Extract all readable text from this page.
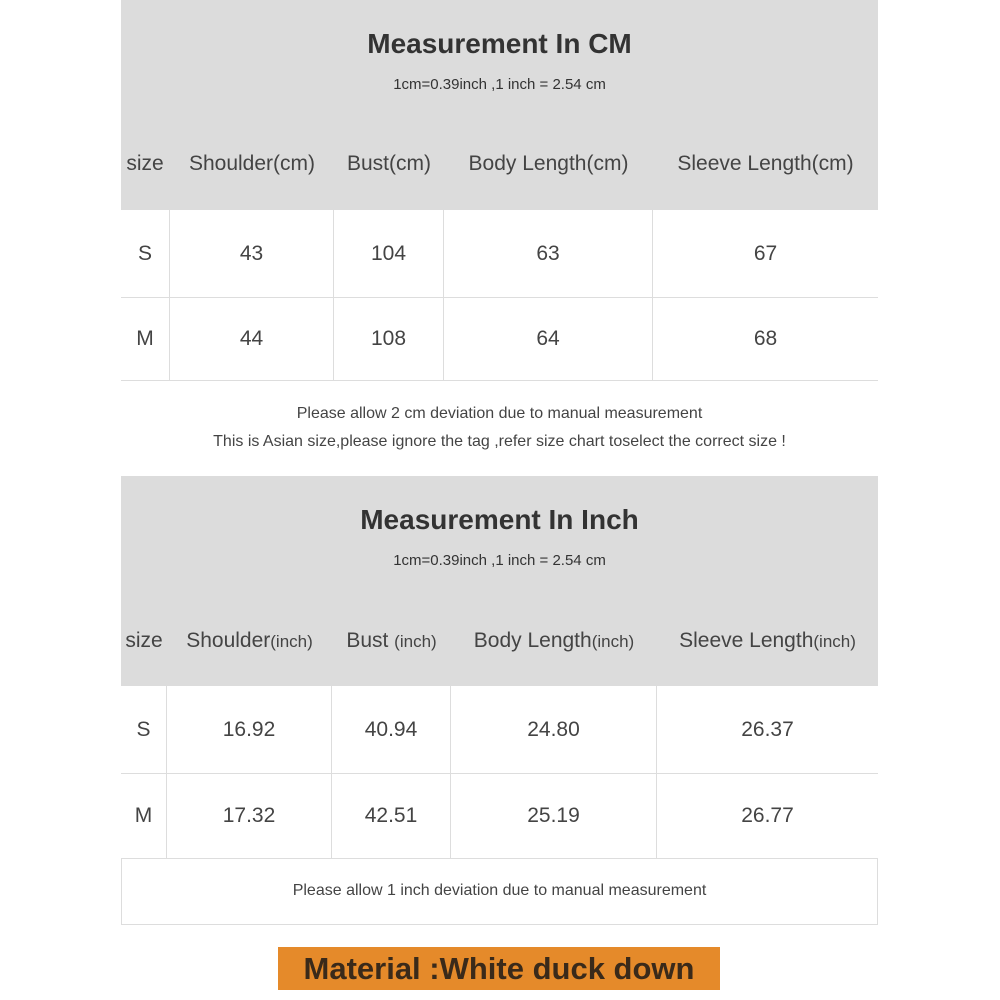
Measurement In CM
1cm=0.39inch ,1 inch = 2.54 cm
size	Shoulder(cm)	Bust(cm)	Body Length(cm)	Sleeve Length(cm)
S	43	104	63	67
M	44	108	64	68
Please allow 2 cm deviation due to manual measurement
This is Asian size,please ignore the tag ,refer size chart toselect the correct size !
Measurement In Inch
1cm=0.39inch ,1 inch = 2.54 cm
size	Shoulder(inch)	Bust (inch)	Body Length(inch)	Sleeve Length(inch)
S	16.92	40.94	24.80	26.37
M	17.32	42.51	25.19	26.77
Please allow 1 inch deviation due to manual measurement
Material :White duck down
